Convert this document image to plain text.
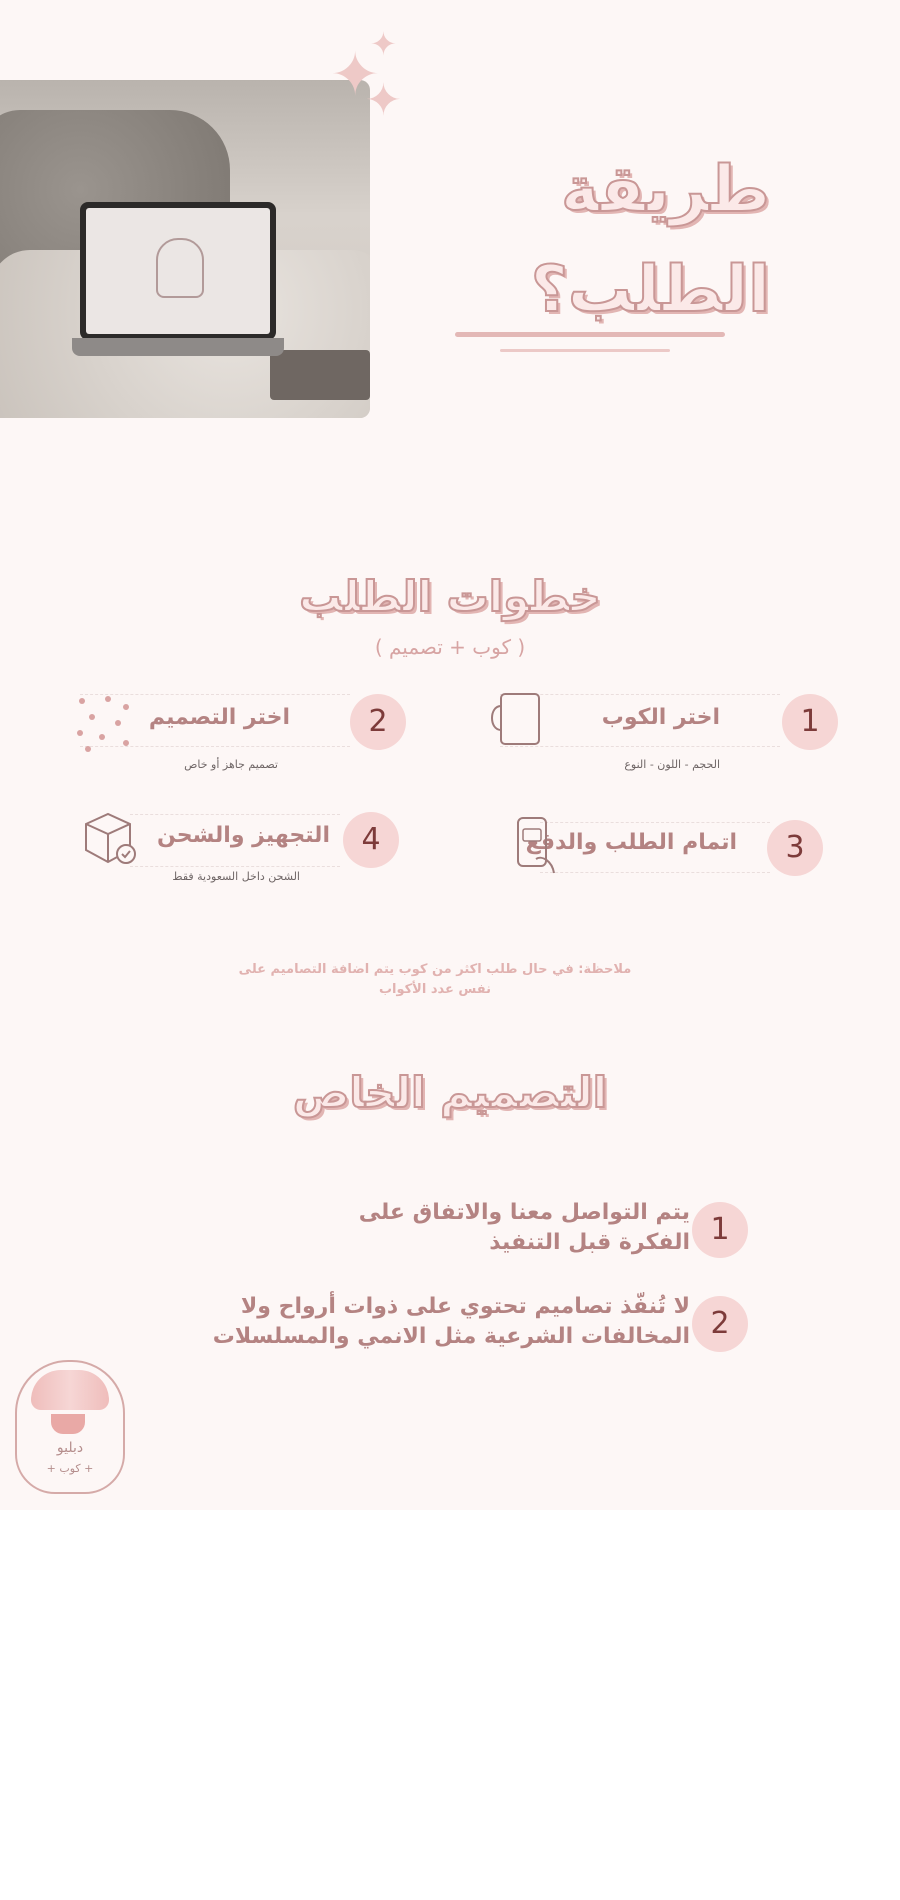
✦
✦
✦
طريقة
الطلب؟
خطوات الطلب
( كوب + تصميم )
1
اختر الكوب
الحجم - اللون - النوع
2
اختر التصميم
تصميم جاهز أو خاص
3
اتمام الطلب والدفع
4
التجهيز والشحن
الشحن داخل السعودية فقط
ملاحظة: في حال طلب اكثر من كوب يتم اضافة التصاميم على نفس عدد الأكواب
التصميم الخاص
1
يتم التواصل معنا والاتفاق على
الفكرة قبل التنفيذ
2
لا تُنفّذ تصاميم تحتوي على ذوات أرواح ولا
المخالفات الشرعية مثل الانمي والمسلسلات
دبليو
+ كوب +
